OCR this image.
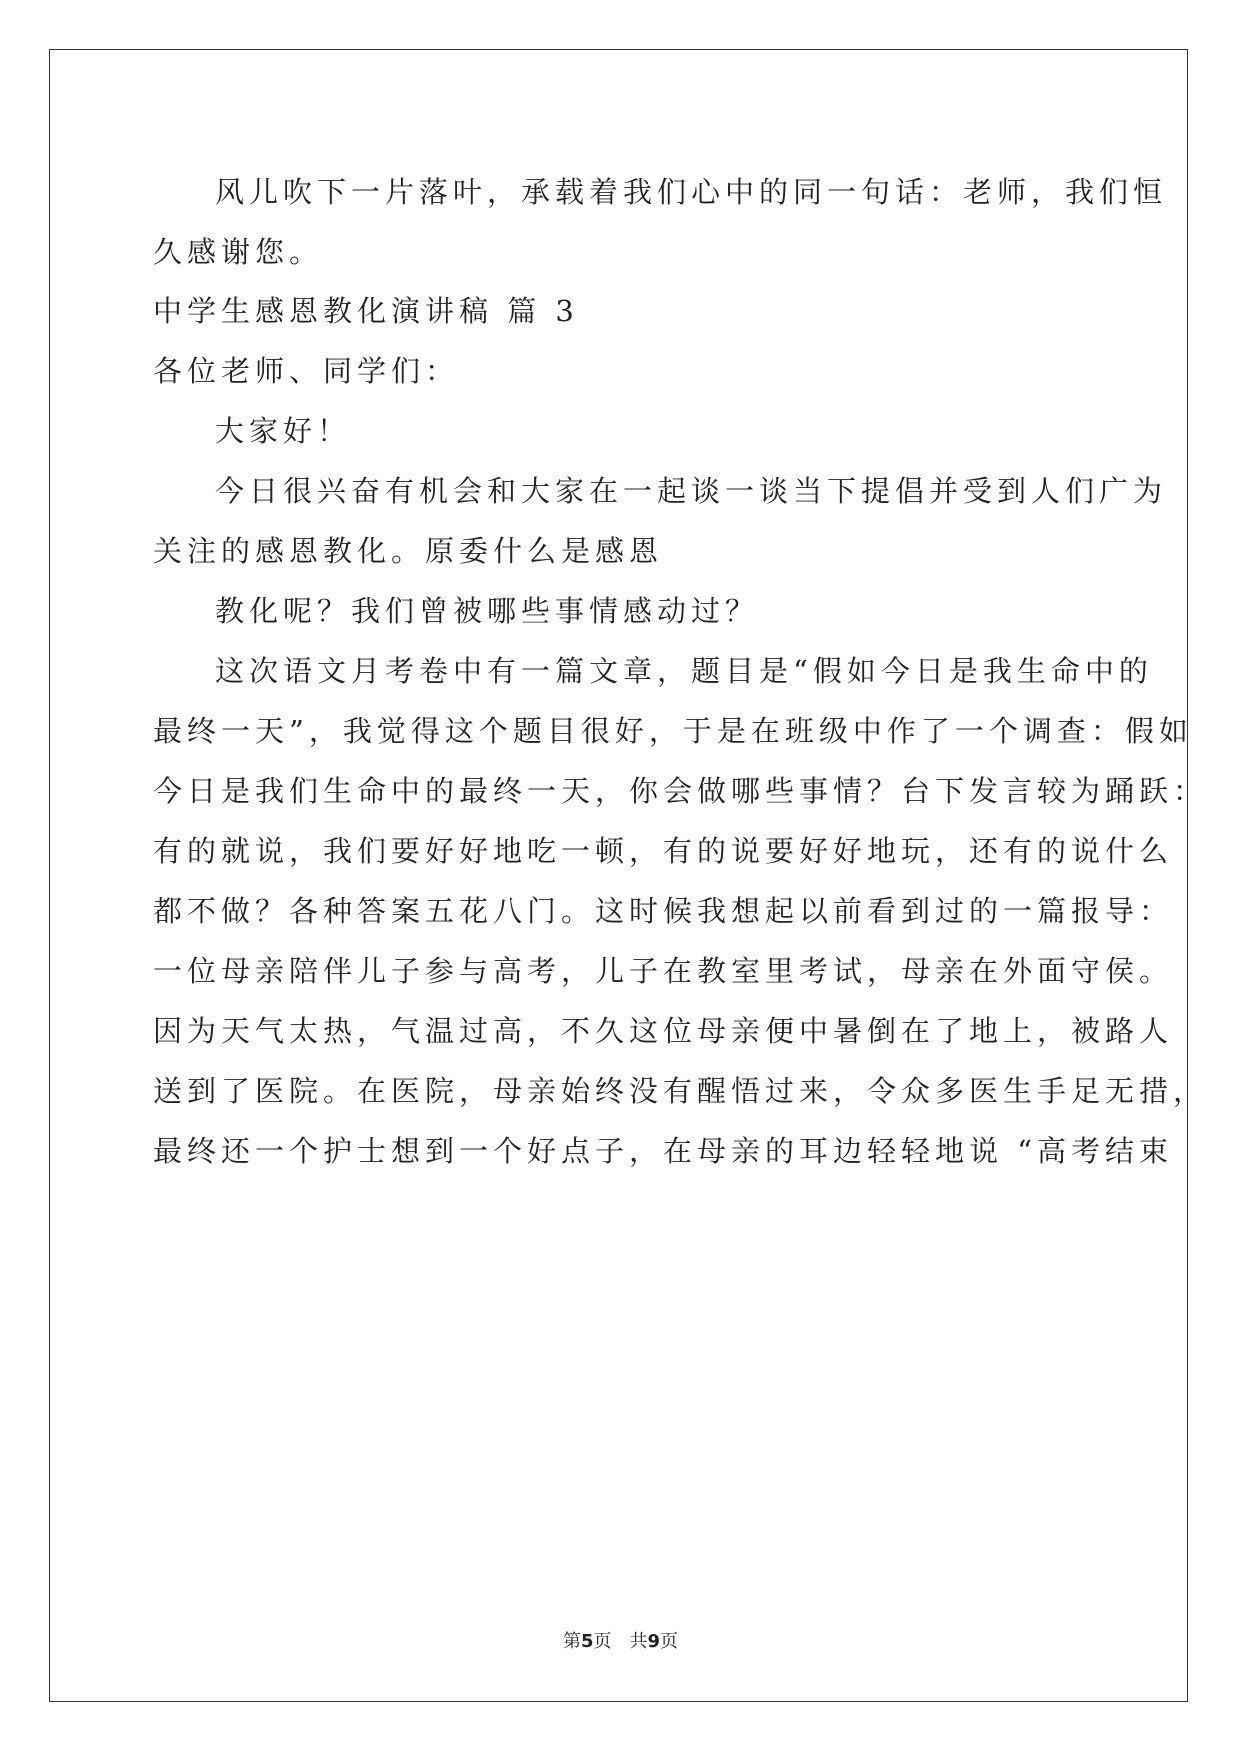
风儿吹下一片落叶，承载着我们心中的同一句话：老师，我们恒
久感谢您。
中学生感恩教化演讲稿 篇 3
各位老师、同学们：
大家好！
今日很兴奋有机会和大家在一起谈一谈当下提倡并受到人们广为
关注的感恩教化。原委什么是感恩
教化呢？我们曾被哪些事情感动过？
这次语文月考卷中有一篇文章，题目是“假如今日是我生命中的
最终一天”，我觉得这个题目很好，于是在班级中作了一个调查：假如
今日是我们生命中的最终一天，你会做哪些事情？台下发言较为踊跃：
有的就说，我们要好好地吃一顿，有的说要好好地玩，还有的说什么
都不做？各种答案五花八门。这时候我想起以前看到过的一篇报导：
一位母亲陪伴儿子参与高考，儿子在教室里考试，母亲在外面守侯。
因为天气太热，气温过高，不久这位母亲便中暑倒在了地上，被路人
送到了医院。在医院，母亲始终没有醒悟过来，令众多医生手足无措，
最终还一个护士想到一个好点子，在母亲的耳边轻轻地说 “高考结束
第5页　共9页
